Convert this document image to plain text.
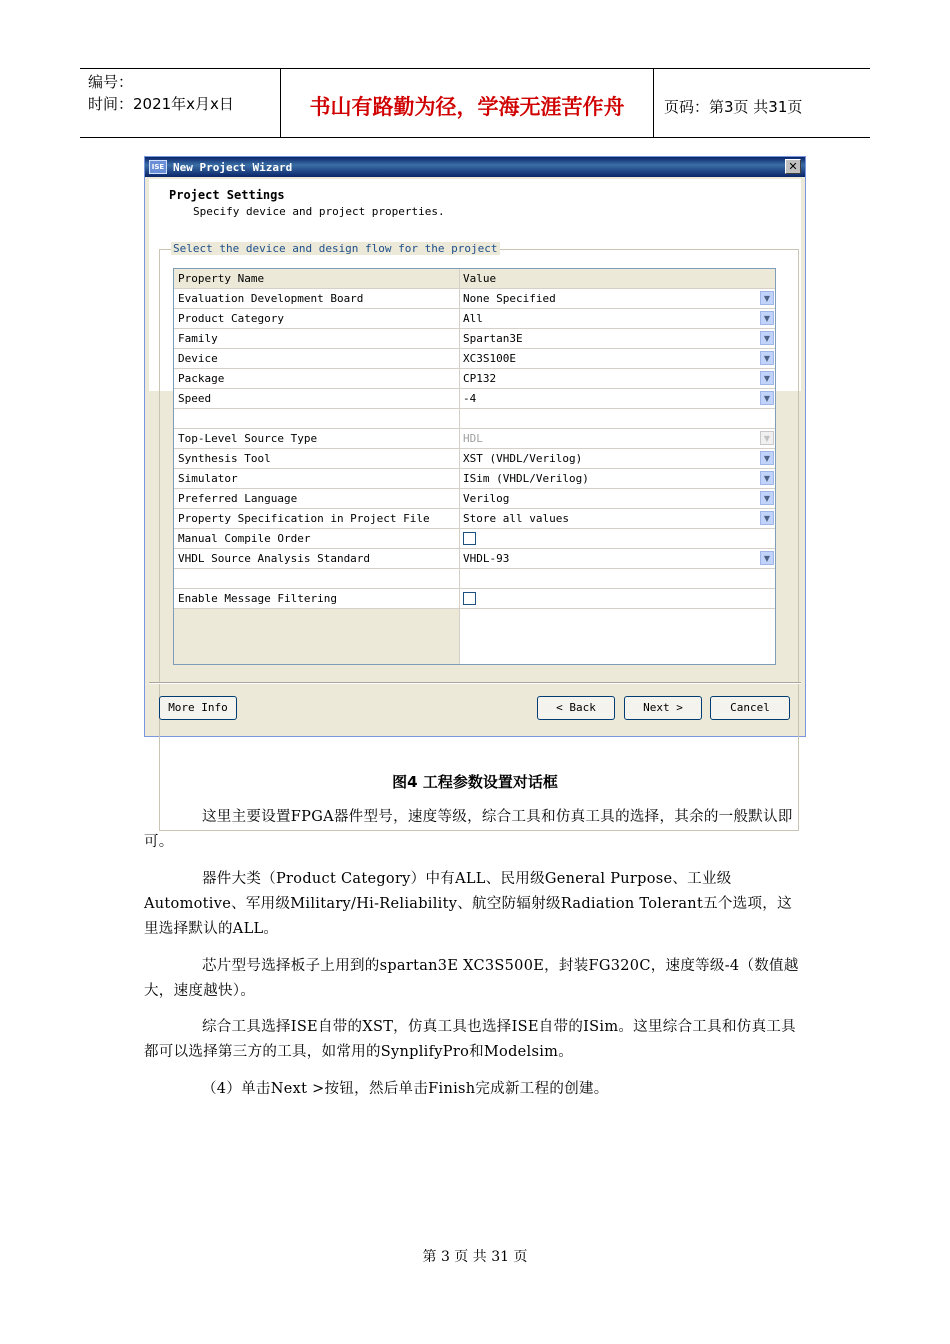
编号：
时间：2021年x月x日	书山有路勤为径，学海无涯苦作舟	页码：第3页 共31页
ISE New Project Wizard	✕
Project Settings
Specify device and project properties.
Select the device and design flow for the project
Property Name	Value
Evaluation Development Board	None Specified	▼
Product Category	All	▼
Family	Spartan3E	▼
Device	XC3S100E	▼
Package	CP132	▼
Speed	-4	▼
Top-Level Source Type	HDL	▼
Synthesis Tool	XST (VHDL/Verilog)	▼
Simulator	ISim (VHDL/Verilog)	▼
Preferred Language	Verilog	▼
Property Specification in Project File	Store all values	▼
Manual Compile Order
VHDL Source Analysis Standard	VHDL-93	▼
Enable Message Filtering
More Info	< Back	Next >	Cancel
图4 工程参数设置对话框
这里主要设置FPGA器件型号，速度等级，综合工具和仿真工具的选择，其余的一般默认即可。
器件大类（Product Category）中有ALL、民用级General Purpose、工业级Automotive、军用级Military/Hi-Reliability、航空防辐射级Radiation Tolerant五个选项，这里选择默认的ALL。
芯片型号选择板子上用到的spartan3E XC3S500E，封装FG320C，速度等级-4（数值越大，速度越快）。
综合工具选择ISE自带的XST，仿真工具也选择ISE自带的ISim。这里综合工具和仿真工具都可以选择第三方的工具，如常用的SynplifyPro和Modelsim。
（4）单击Next >按钮，然后单击Finish完成新工程的创建。
第 3 页 共 31 页
